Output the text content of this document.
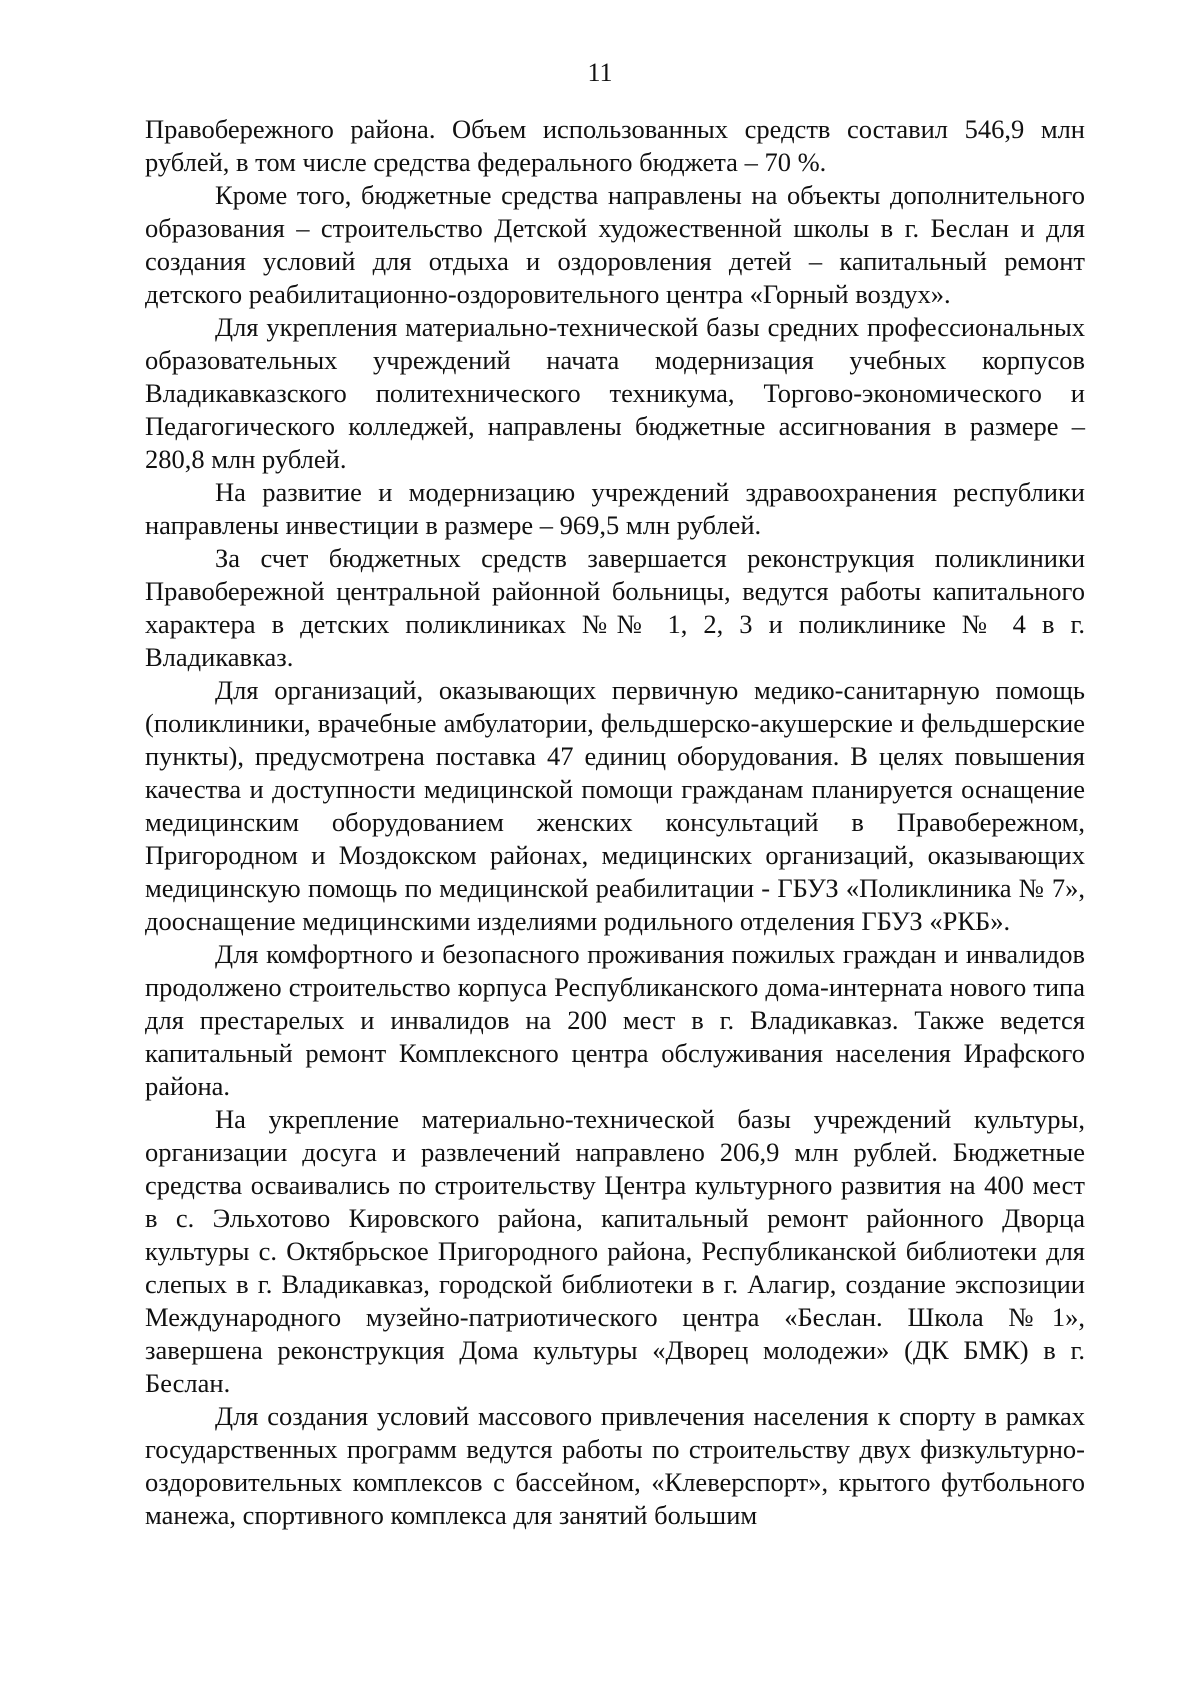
11

Правобережного района. Объем использованных средств составил 546,9 млн рублей, в том числе средства федерального бюджета – 70 %.

Кроме того, бюджетные средства направлены на объекты дополнительного образования – строительство Детской художественной школы в г. Беслан и для создания условий для отдыха и оздоровления детей – капитальный ремонт детского реабилитационно-оздоровительного центра «Горный воздух».

Для укрепления материально-технической базы средних профессиональных образовательных учреждений начата модернизация учебных корпусов Владикавказского политехнического техникума, Торгово-экономического и Педагогического колледжей, направлены бюджетные ассигнования в размере – 280,8 млн рублей.

На развитие и модернизацию учреждений здравоохранения республики направлены инвестиции в размере – 969,5 млн рублей.

За счет бюджетных средств завершается реконструкция поликлиники Правобережной центральной районной больницы, ведутся работы капитального характера в детских поликлиниках №№ 1, 2, 3 и поликлинике № 4 в г. Владикавказ.

Для организаций, оказывающих первичную медико-санитарную помощь (поликлиники, врачебные амбулатории, фельдшерско-акушерские и фельдшерские пункты), предусмотрена поставка 47 единиц оборудования. В целях повышения качества и доступности медицинской помощи гражданам планируется оснащение медицинским оборудованием женских консультаций в Правобережном, Пригородном и Моздокском районах, медицинских организаций, оказывающих медицинскую помощь по медицинской реабилитации - ГБУЗ «Поликлиника № 7», дооснащение медицинскими изделиями родильного отделения ГБУЗ «РКБ».

Для комфортного и безопасного проживания пожилых граждан и инвалидов продолжено строительство корпуса Республиканского дома-интерната нового типа для престарелых и инвалидов на 200 мест в г. Владикавказ. Также ведется капитальный ремонт Комплексного центра обслуживания населения Ирафского района.

На укрепление материально-технической базы учреждений культуры, организации досуга и развлечений направлено 206,9 млн рублей. Бюджетные средства осваивались по строительству Центра культурного развития на 400 мест в с. Эльхотово Кировского района, капитальный ремонт районного Дворца культуры с. Октябрьское Пригородного района, Республиканской библиотеки для слепых в г. Владикавказ, городской библиотеки в г. Алагир, создание экспозиции Международного музейно-патриотического центра «Беслан. Школа №1», завершена реконструкция Дома культуры «Дворец молодежи» (ДК БМК) в г. Беслан.

Для создания условий массового привлечения населения к спорту в рамках государственных программ ведутся работы по строительству двух физкультурно-оздоровительных комплексов с бассейном, «Клеверспорт», крытого футбольного манежа, спортивного комплекса для занятий большим
